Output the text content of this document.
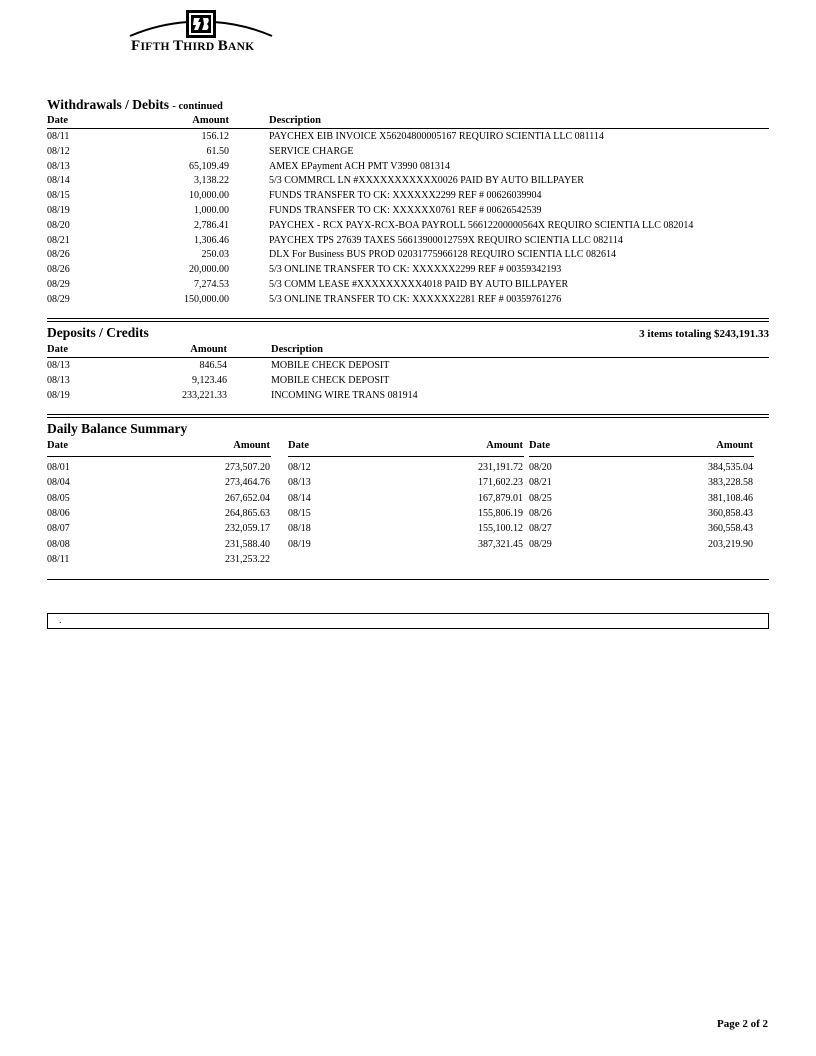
FIFTH THIRD BANK
Withdrawals / Debits - continued
Date	Amount	Description
08/11	156.12	PAYCHEX EIB INVOICE X56204800005167 REQUIRO SCIENTIA LLC 081114
08/12	61.50	SERVICE CHARGE
08/13	65,109.49	AMEX EPayment ACH PMT V3990 081314
08/14	3,138.22	5/3 COMMRCL LN #XXXXXXXXXXX0026 PAID BY AUTO BILLPAYER
08/15	10,000.00	FUNDS TRANSFER TO CK: XXXXXX2299 REF # 00626039904
08/19	1,000.00	FUNDS TRANSFER TO CK: XXXXXX0761 REF # 00626542539
08/20	2,786.41	PAYCHEX - RCX PAYX-RCX-BOA PAYROLL 56612200000564X REQUIRO SCIENTIA LLC 082014
08/21	1,306.46	PAYCHEX TPS 27639 TAXES 56613900012759X REQUIRO SCIENTIA LLC 082114
08/26	250.03	DLX For Business BUS PROD 02031775966128 REQUIRO SCIENTIA LLC 082614
08/26	20,000.00	5/3 ONLINE TRANSFER TO CK: XXXXXX2299 REF # 00359342193
08/29	7,274.53	5/3 COMM LEASE #XXXXXXXXX4018 PAID BY AUTO BILLPAYER
08/29	150,000.00	5/3 ONLINE TRANSFER TO CK: XXXXXX2281 REF # 00359761276
Deposits / Credits	3 items totaling $243,191.33
Date	Amount	Description
08/13	846.54	MOBILE CHECK DEPOSIT
08/13	9,123.46	MOBILE CHECK DEPOSIT
08/19	233,221.33	INCOMING WIRE TRANS 081914
Daily Balance Summary
Date	Amount
08/01	273,507.20
08/04	273,464.76
08/05	267,652.04
08/06	264,865.63
08/07	232,059.17
08/08	231,588.40
08/11	231,253.22
Date	Amount
08/12	231,191.72
08/13	171,602.23
08/14	167,879.01
08/15	155,806.19
08/18	155,100.12
08/19	387,321.45
Date	Amount
08/20	384,535.04
08/21	383,228.58
08/25	381,108.46
08/26	360,858.43
08/27	360,558.43
08/29	203,219.90
.
Page 2 of 2
